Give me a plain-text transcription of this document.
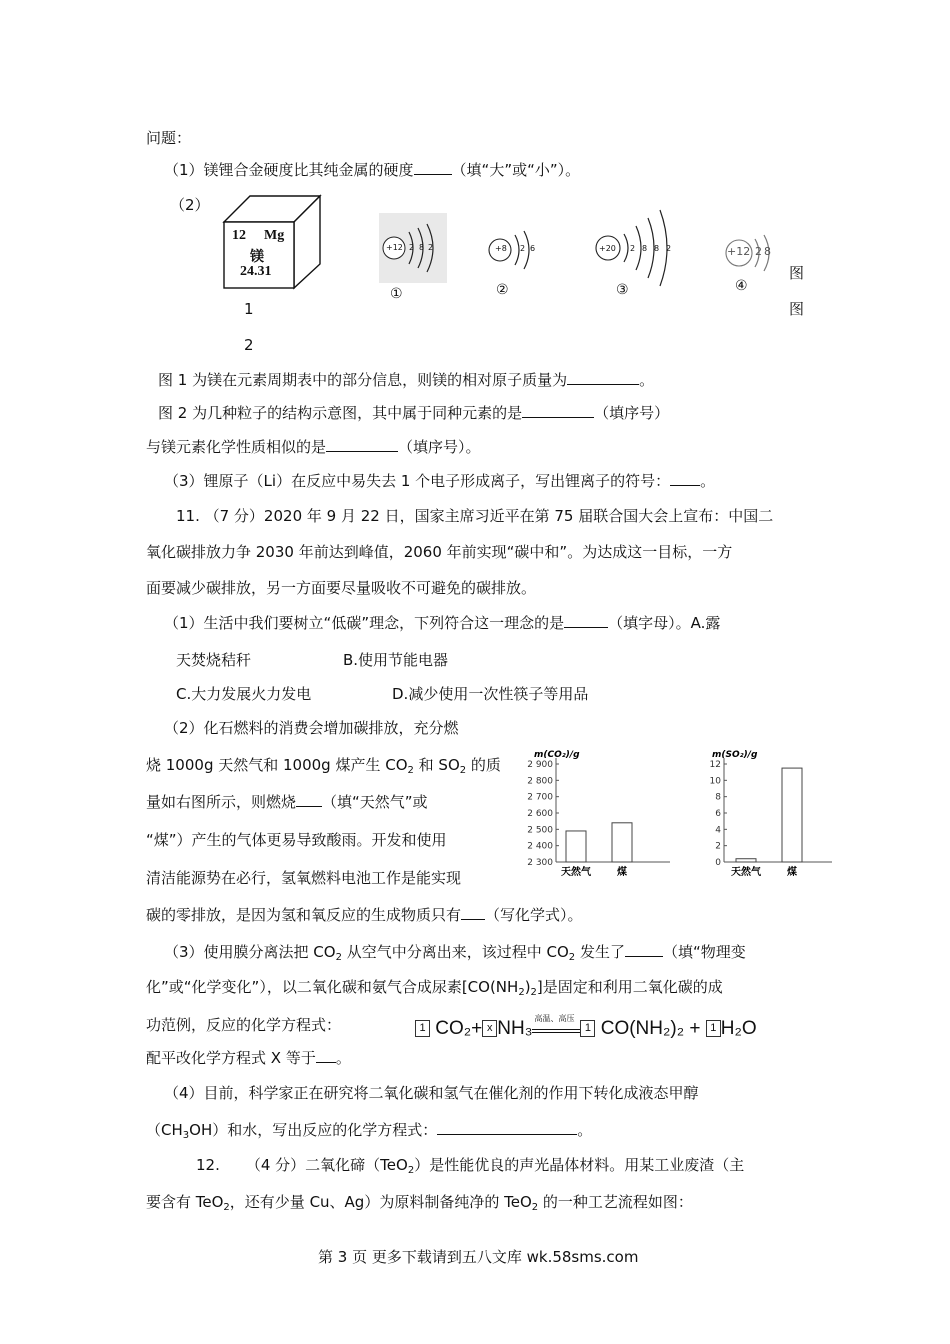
问题：
（1）镁锂合金硬度比其纯金属的硬度	（填“大”或“小”）。
（2）
12 Mg
镁
24.31
1
2
+12 2 8 2
①
+8 2 6
②
+20 2 8 8 2
③
+12 2 8
④
图
图
图 1 为镁在元素周期表中的部分信息，则镁的相对原子质量为	。
图 2 为几种粒子的结构示意图，其中属于同种元素的是	（填序号）
与镁元素化学性质相似的是	（填序号）。
（3）锂原子（Li）在反应中易失去 1 个电子形成离子，写出锂离子的符号： 。
11. （7 分）2020 年 9 月 22 日，国家主席习近平在第 75 届联合国大会上宣布：中国二
氧化碳排放力争 2030 年前达到峰值，2060 年前实现“碳中和”。为达成这一目标，一方
面要减少碳排放，另一方面要尽量吸收不可避免的碳排放。
（1）生活中我们要树立“低碳”理念，下列符合这一理念的是	（填字母）。A.露
天焚烧秸秆	B.使用节能电器
C.大力发展火力发电	D.减少使用一次性筷子等用品
（2）化石燃料的消费会增加碳排放，充分燃
烧 1000g 天然气和 1000g 煤产生 $CO_2$ 和 $SO_2$ 的质
量如右图所示，则燃烧 （填“天然气”或
“煤”）产生的气体更易导致酸雨。开发和使用
清洁能源势在必行，氢氧燃料电池工作是能实现
碳的零排放，是因为氢和氧反应的生成物质只有 （写化学式）。
m(CO₂)/g
2 300
2 400
2 500
2 600
2 700
2 800
2 900
天然气	煤
m(SO₂)/g
0
2
4
6
8
10
12
天然气	煤
（3）使用膜分离法把 $CO_2$ 从空气中分离出来，该过程中 $CO_2$ 发生了	（填“物理变
化”或“化学变化”），以二氧化碳和氨气合成尿素$[CO(NH_2)_2]$是固定和利用二氧化碳的成
功范例，反应的化学方程式：	1 CO₂+ x NH₃ 高温、高压
1 CO(NH₂)₂ + 1 H₂O
配平改化学方程式 X 等于 。
（4）目前，科学家正在研究将二氧化碳和氢气在催化剂的作用下转化成液态甲醇
$(CH_3OH)$和水，写出反应的化学方程式：	。
12. （4 分）二氧化碲（TeO$_2$）是性能优良的声光晶体材料。用某工业废渣（主
要含有 TeO$_2$，还有少量 Cu、Ag）为原料制备纯净的 TeO$_2$ 的一种工艺流程如图：
第 3 页 更多下载请到五八文库 wk.58sms.com
